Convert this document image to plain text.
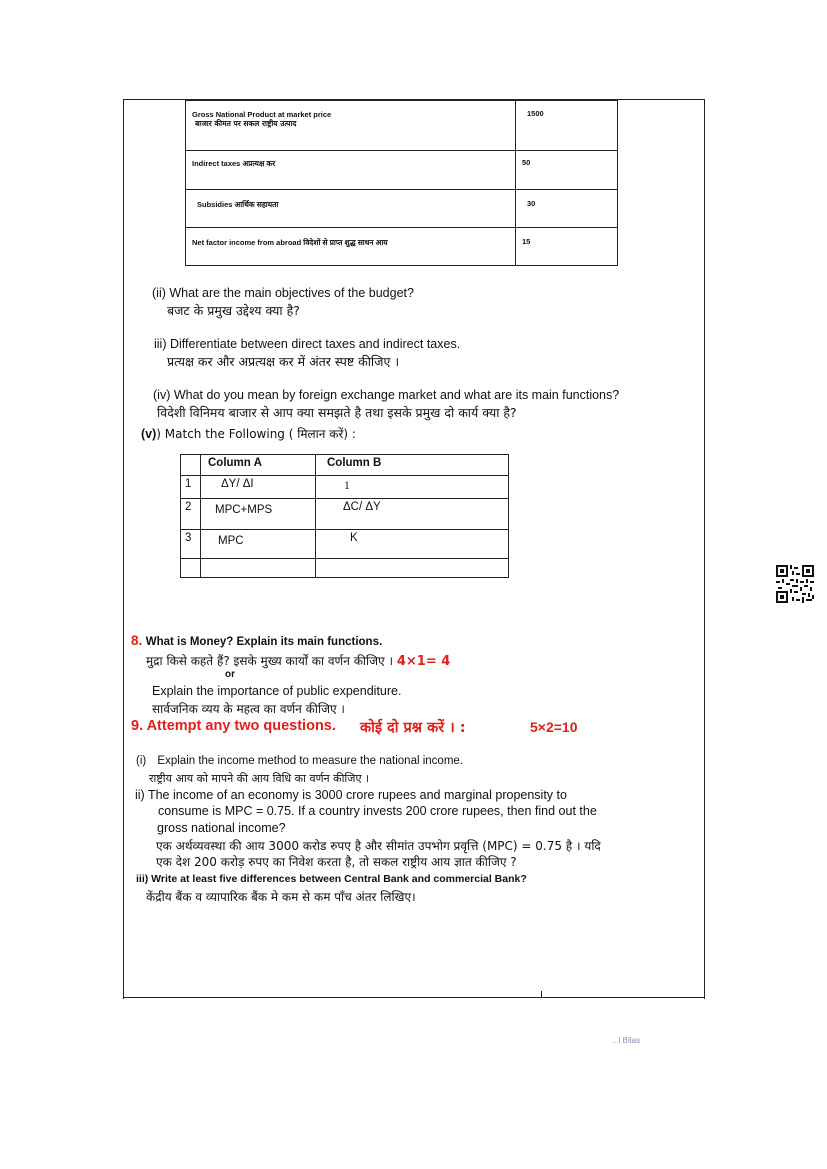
Gross National Product at market price
बाजार कीमत पर सकल राष्ट्रीय उत्पाद	1500

Indirect taxes अप्रत्यक्ष कर	50

Subsidies आर्थिक सहायता	30

Net factor income from abroad विदेशों से प्राप्त शुद्ध साधन आय	15
(ii) What are the main objectives of the budget?
बजट के प्रमुख उद्देश्य क्या है?
iii) Differentiate between direct taxes and indirect taxes.
प्रत्यक्ष कर और अप्रत्यक्ष कर में अंतर स्पष्ट कीजिए ।
(iv) What do you mean by foreign exchange market and what are its main functions?
विदेशी विनिमय बाजार से आप क्या समझते है तथा इसके प्रमुख दो कार्य क्या है?
(v)) Match the Following ( मिलान करें) :

	Column A	Column B

1	ΔY/ ΔI	1

2	MPC+MPS	ΔC/ ΔY

3	MPC	K

8. What is Money? Explain its main functions.
मुद्रा किसे कहते हैं? इसके मुख्य कार्यों का वर्णन कीजिए । 4×1= 4
or
Explain the importance of public expenditure.
सार्वजनिक व्यय के महत्व का वर्णन कीजिए ।
9. Attempt any two questions. कोई दो प्रश्न करें । :	5×2=10
(i) Explain the income method to measure the national income.
राष्ट्रीय आय को मापने की आय विधि का वर्णन कीजिए ।
ii) The income of an economy is 3000 crore rupees and marginal propensity to
consume is MPC = 0.75. If a country invests 200 crore rupees, then find out the
gross national income?
एक अर्थव्यवस्था की आय 3000 करोड रुपए है और सीमांत उपभोग प्रवृत्ति (MPC) = 0.75 है । यदि
एक देश 200 करोड़ रुपए का निवेश करता है, तो सकल राष्ट्रीय आय ज्ञात कीजिए ?
iii) Write at least five differences between Central Bank and commercial Bank?
केंद्रीय बैंक व व्यापारिक बैंक मे कम से कम पाँच अंतर लिखिए।
...l Bilas
